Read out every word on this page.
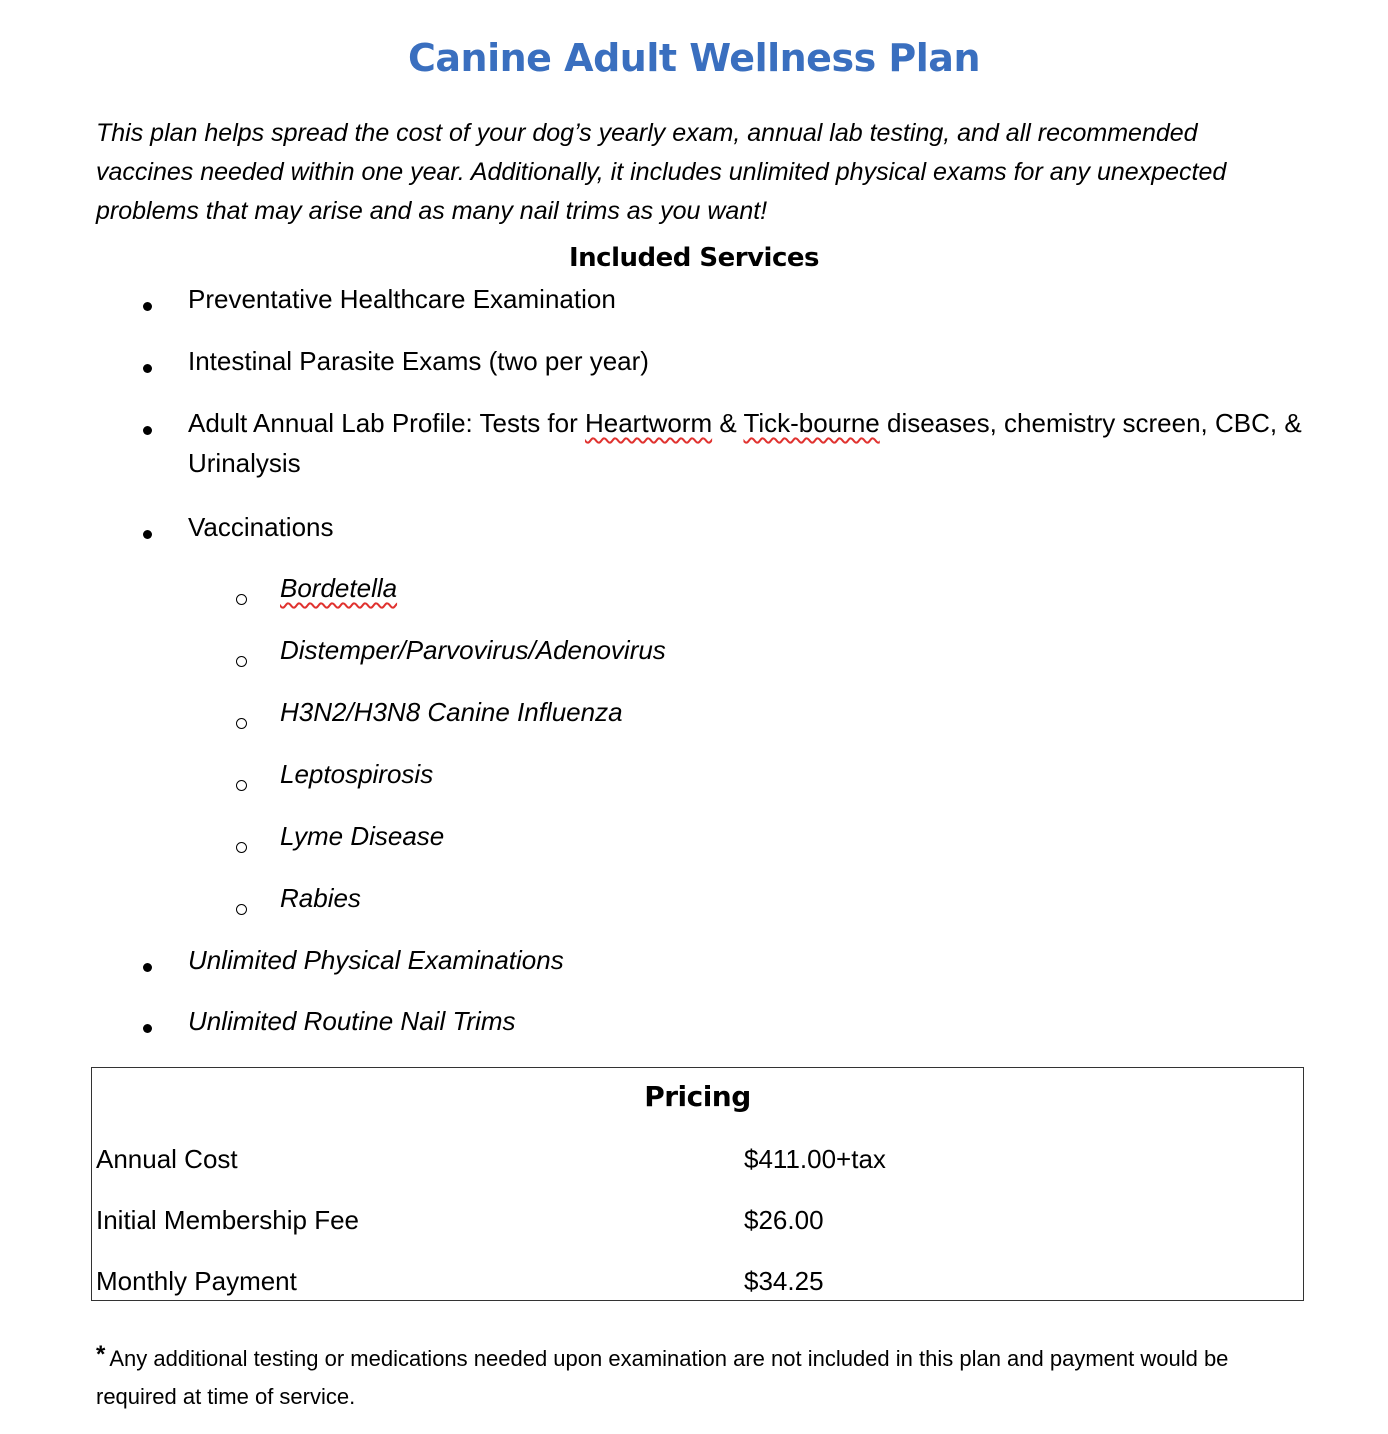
Canine Adult Wellness Plan
This plan helps spread the cost of your dog’s yearly exam, annual lab testing, and all recommended vaccines needed within one year. Additionally, it includes unlimited physical exams for any unexpected problems that may arise and as many nail trims as you want!
Included Services
Preventative Healthcare Examination
Intestinal Parasite Exams (two per year)
Adult Annual Lab Profile: Tests for Heartworm & Tick-bourne diseases, chemistry screen, CBC, & Urinalysis
Vaccinations
Bordetella
Distemper/Parvovirus/Adenovirus
H3N2/H3N8 Canine Influenza
Leptospirosis
Lyme Disease
Rabies
Unlimited Physical Examinations
Unlimited Routine Nail Trims
Pricing
Annual Cost	$411.00+tax
Initial Membership Fee	$26.00
Monthly Payment	$34.25
* Any additional testing or medications needed upon examination are not included in this plan and payment would be required at time of service.
